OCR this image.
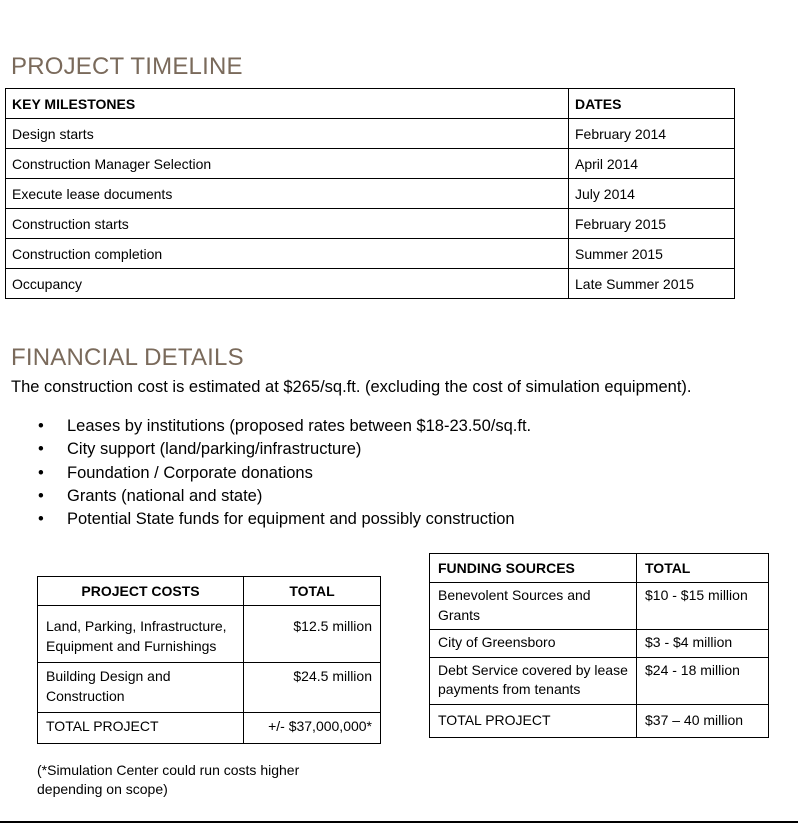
PROJECT TIMELINE
KEY MILESTONES	DATES
Design starts	February 2014
Construction Manager Selection	April 2014
Execute lease documents	July 2014
Construction starts	February 2015
Construction completion	Summer 2015
Occupancy	Late Summer 2015
FINANCIAL DETAILS

The construction cost is estimated at $265/sq.ft. (excluding the cost of simulation equipment).

• Leases by institutions (proposed rates between $18-23.50/sq.ft.
• City support (land/parking/infrastructure)
• Foundation / Corporate donations
• Grants (national and state)
• Potential State funds for equipment and possibly construction
PROJECT COSTS	TOTAL
Land, Parking, Infrastructure, Equipment and Furnishings	$12.5 million
Building Design and Construction	$24.5 million
TOTAL PROJECT	+/- $37,000,000*

(*Simulation Center could run costs higher depending on scope)

FUNDING SOURCES	TOTAL
Benevolent Sources and Grants	$10 - $15 million
City of Greensboro	$3 - $4 million
Debt Service covered by lease payments from tenants	$24 - 18 million
TOTAL PROJECT	$37 – 40 million
